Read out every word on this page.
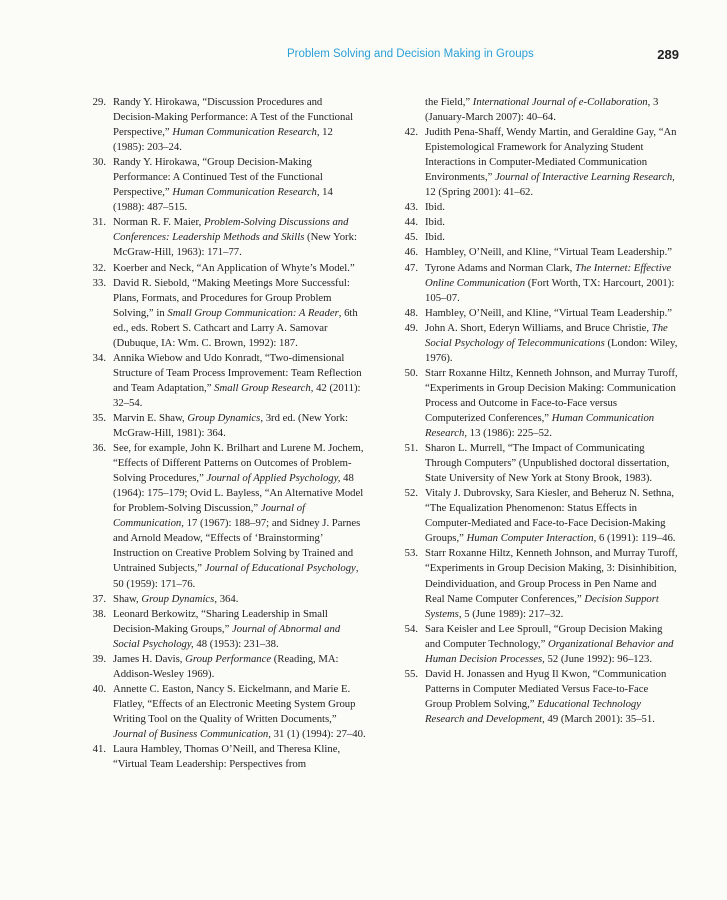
Problem Solving and Decision Making in Groups	289

29. Randy Y. Hirokawa, “Discussion Procedures and Decision-Making Performance: A Test of the Functional Perspective,” Human Communication Research, 12 (1985): 203–24.

30. Randy Y. Hirokawa, “Group Decision-Making Performance: A Continued Test of the Functional Perspective,” Human Communication Research, 14 (1988): 487–515.

31. Norman R. F. Maier, Problem-Solving Discussions and Conferences: Leadership Methods and Skills (New York: McGraw-Hill, 1963): 171–77.

32. Koerber and Neck, “An Application of Whyte’s Model.”

33. David R. Siebold, “Making Meetings More Successful: Plans, Formats, and Procedures for Group Problem Solving,” in Small Group Communication: A Reader, 6th ed., eds. Robert S. Cathcart and Larry A. Samovar (Dubuque, IA: Wm. C. Brown, 1992): 187.

34. Annika Wiebow and Udo Konradt, “Two-dimensional Structure of Team Process Improvement: Team Reflection and Team Adaptation,” Small Group Research, 42 (2011): 32–54.

35. Marvin E. Shaw, Group Dynamics, 3rd ed. (New York: McGraw-Hill, 1981): 364.

36. See, for example, John K. Brilhart and Lurene M. Jochem, “Effects of Different Patterns on Outcomes of Problem-Solving Procedures,” Journal of Applied Psychology, 48 (1964): 175–179; Ovid L. Bayless, “An Alternative Model for Problem-Solving Discussion,” Journal of Communication, 17 (1967): 188–97; and Sidney J. Parnes and Arnold Meadow, “Effects of ‘Brainstorming’ Instruction on Creative Problem Solving by Trained and Untrained Subjects,” Journal of Educational Psychology, 50 (1959): 171–76.

37. Shaw, Group Dynamics, 364.

38. Leonard Berkowitz, “Sharing Leadership in Small Decision-Making Groups,” Journal of Abnormal and Social Psychology, 48 (1953): 231–38.

39. James H. Davis, Group Performance (Reading, MA: Addison-Wesley 1969).

40. Annette C. Easton, Nancy S. Eickelmann, and Marie E. Flatley, “Effects of an Electronic Meeting System Group Writing Tool on the Quality of Written Documents,” Journal of Business Communication, 31 (1) (1994): 27–40.

41. Laura Hambley, Thomas O’Neill, and Theresa Kline, “Virtual Team Leadership: Perspectives from

the Field,” International Journal of e-Collaboration, 3 (January-March 2007): 40–64.

42. Judith Pena-Shaff, Wendy Martin, and Geraldine Gay, “An Epistemological Framework for Analyzing Student Interactions in Computer-Mediated Communication Environments,” Journal of Interactive Learning Research, 12 (Spring 2001): 41–62.

43. Ibid.

44. Ibid.

45. Ibid.

46. Hambley, O’Neill, and Kline, “Virtual Team Leadership.”

47. Tyrone Adams and Norman Clark, The Internet: Effective Online Communication (Fort Worth, TX: Harcourt, 2001): 105–07.

48. Hambley, O’Neill, and Kline, “Virtual Team Leadership.”

49. John A. Short, Ederyn Williams, and Bruce Christie, The Social Psychology of Telecommunications (London: Wiley, 1976).

50. Starr Roxanne Hiltz, Kenneth Johnson, and Murray Turoff, “Experiments in Group Decision Making: Communication Process and Outcome in Face-to-Face versus Computerized Conferences,” Human Communication Research, 13 (1986): 225–52.

51. Sharon L. Murrell, “The Impact of Communicating Through Computers” (Unpublished doctoral dissertation, State University of New York at Stony Brook, 1983).

52. Vitaly J. Dubrovsky, Sara Kiesler, and Beheruz N. Sethna, “The Equalization Phenomenon: Status Effects in Computer-Mediated and Face-to-Face Decision-Making Groups,” Human Computer Interaction, 6 (1991): 119–46.

53. Starr Roxanne Hiltz, Kenneth Johnson, and Murray Turoff, “Experiments in Group Decision Making, 3: Disinhibition, Deindividuation, and Group Process in Pen Name and Real Name Computer Conferences,” Decision Support Systems, 5 (June 1989): 217–32.

54. Sara Keisler and Lee Sproull, “Group Decision Making and Computer Technology,” Organizational Behavior and Human Decision Processes, 52 (June 1992): 96–123.

55. David H. Jonassen and Hyug Il Kwon, “Communication Patterns in Computer Mediated Versus Face-to-Face Group Problem Solving,” Educational Technology Research and Development, 49 (March 2001): 35–51.
